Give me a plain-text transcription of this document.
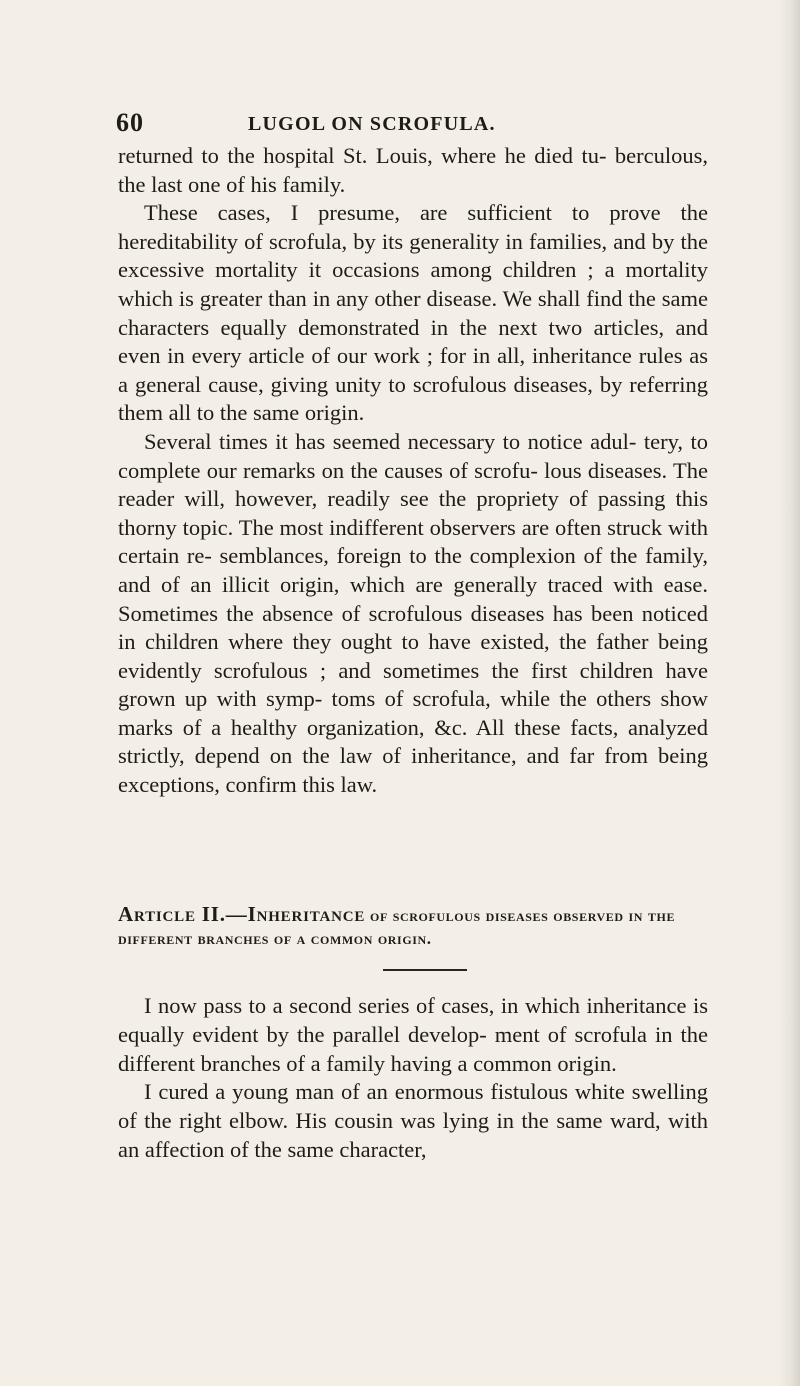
60	LUGOL ON SCROFULA.

returned to the hospital St. Louis, where he died tu- berculous, the last one of his family.

These cases, I presume, are sufficient to prove the hereditability of scrofula, by its generality in families, and by the excessive mortality it occasions among children ; a mortality which is greater than in any other disease. We shall find the same characters equally demonstrated in the next two articles, and even in every article of our work ; for in all, inheritance rules as a general cause, giving unity to scrofulous diseases, by referring them all to the same origin.

Several times it has seemed necessary to notice adul- tery, to complete our remarks on the causes of scrofu- lous diseases. The reader will, however, readily see the propriety of passing this thorny topic. The most indifferent observers are often struck with certain re- semblances, foreign to the complexion of the family, and of an illicit origin, which are generally traced with ease. Sometimes the absence of scrofulous diseases has been noticed in children where they ought to have existed, the father being evidently scrofulous ; and sometimes the first children have grown up with symp- toms of scrofula, while the others show marks of a healthy organization, &c. All these facts, analyzed strictly, depend on the law of inheritance, and far from being exceptions, confirm this law.

Article II.—Inheritance of scrofulous diseases observed in the different branches of a common origin.

I now pass to a second series of cases, in which inheritance is equally evident by the parallel develop- ment of scrofula in the different branches of a family having a common origin.

I cured a young man of an enormous fistulous white swelling of the right elbow. His cousin was lying in the same ward, with an affection of the same character,
